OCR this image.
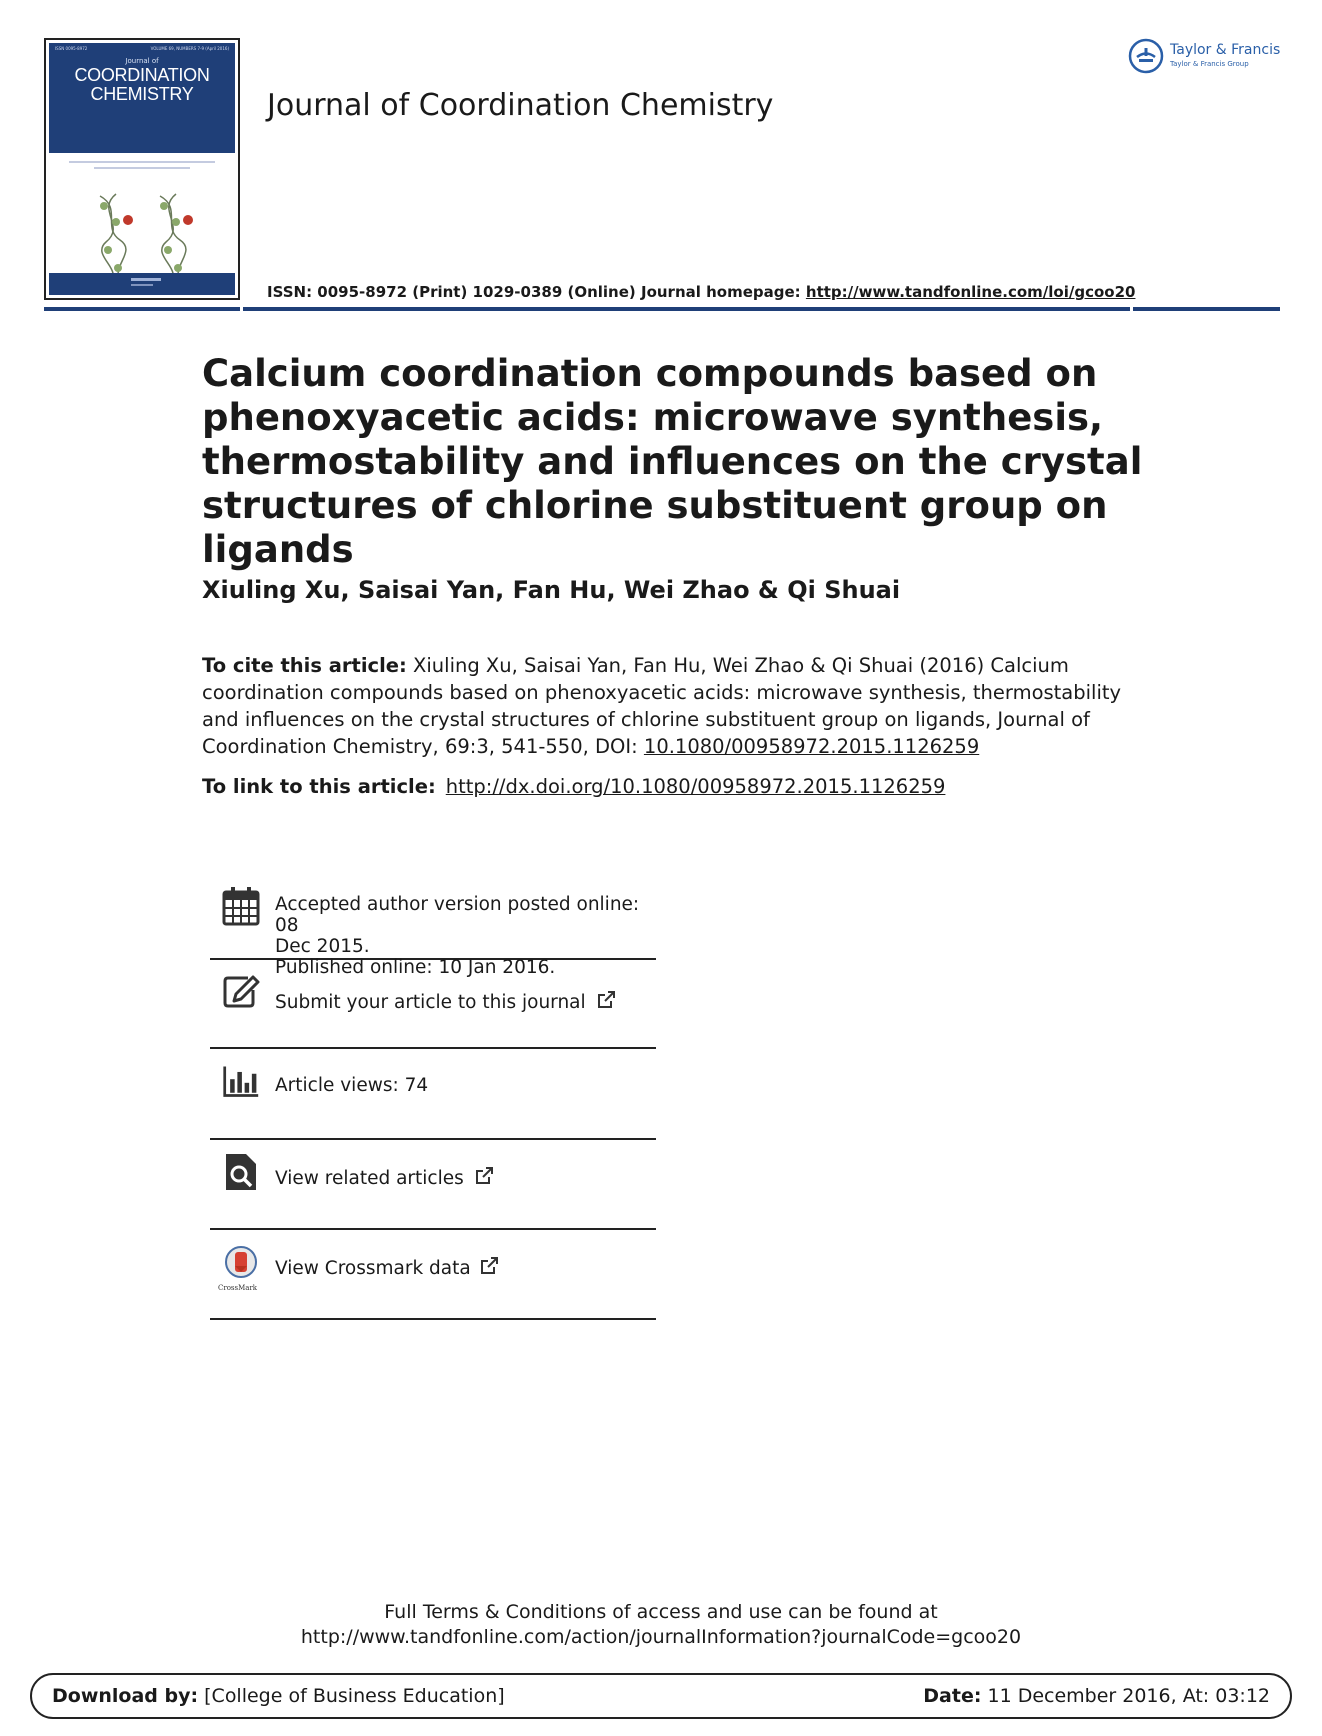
ISSN 0095-8972	VOLUME 69, NUMBERS 7-9 (April 2016)
Journal of
COORDINATION
CHEMISTRY	Journal of Coordination Chemistry
Taylor & Francis
Taylor & Francis Group
ISSN: 0095-8972 (Print) 1029-0389 (Online) Journal homepage: http://www.tandfonline.com/loi/gcoo20
Calcium coordination compounds based on phenoxyacetic acids: microwave synthesis, thermostability and influences on the crystal structures of chlorine substituent group on ligands
Xiuling Xu, Saisai Yan, Fan Hu, Wei Zhao & Qi Shuai
To cite this article: Xiuling Xu, Saisai Yan, Fan Hu, Wei Zhao & Qi Shuai (2016) Calcium coordination compounds based on phenoxyacetic acids: microwave synthesis, thermostability and influences on the crystal structures of chlorine substituent group on ligands, Journal of Coordination Chemistry, 69:3, 541-550, DOI: 10.1080/00958972.2015.1126259
To link to this article: http://dx.doi.org/10.1080/00958972.2015.1126259
Accepted author version posted online: 08
Dec 2015.
Published online: 10 Jan 2016.
Submit your article to this journal
Article views: 74
View related articles
CrossMark
View Crossmark data
Full Terms & Conditions of access and use can be found at
http://www.tandfonline.com/action/journalInformation?journalCode=gcoo20
Download by: [College of Business Education]	Date: 11 December 2016, At: 03:12
